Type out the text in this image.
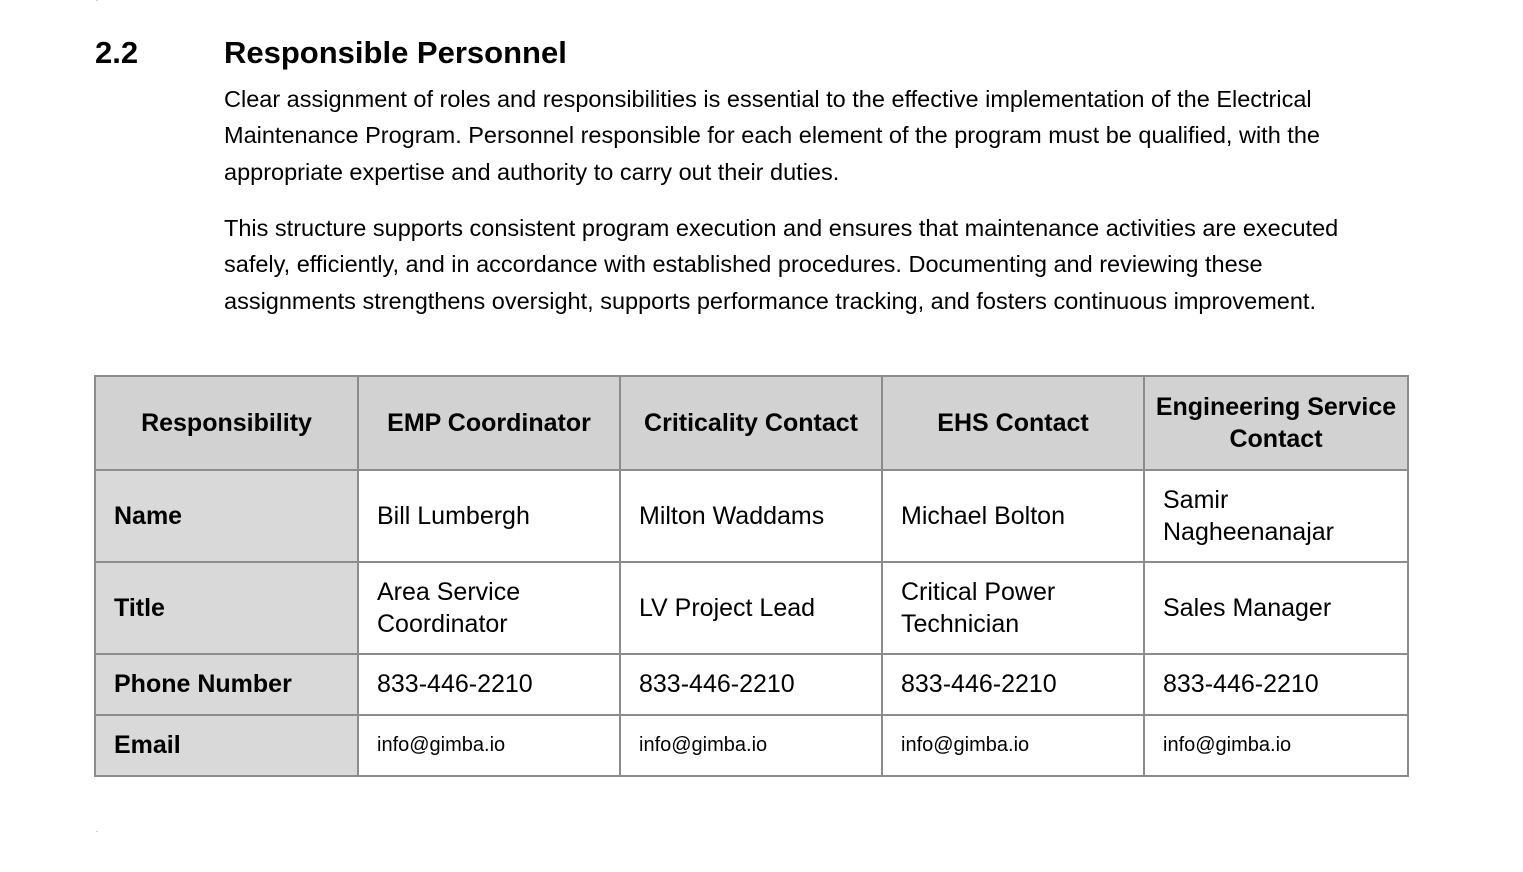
2.2	Responsible Personnel

Clear assignment of roles and responsibilities is essential to the effective implementation of the Electrical Maintenance Program. Personnel responsible for each element of the program must be qualified, with the appropriate expertise and authority to carry out their duties.

This structure supports consistent program execution and ensures that maintenance activities are executed safely, efficiently, and in accordance with established procedures. Documenting and reviewing these assignments strengthens oversight, supports performance tracking, and fosters continuous improvement.

Responsibility	EMP Coordinator	Criticality Contact	EHS Contact	Engineering Service Contact
Name	Bill Lumbergh	Milton Waddams	Michael Bolton	Samir Nagheenanajar
Title	Area Service Coordinator	LV Project Lead	Critical Power Technician	Sales Manager
Phone Number	833-446-2210	833-446-2210	833-446-2210	833-446-2210
Email	info@gimba.io	info@gimba.io	info@gimba.io	info@gimba.io
